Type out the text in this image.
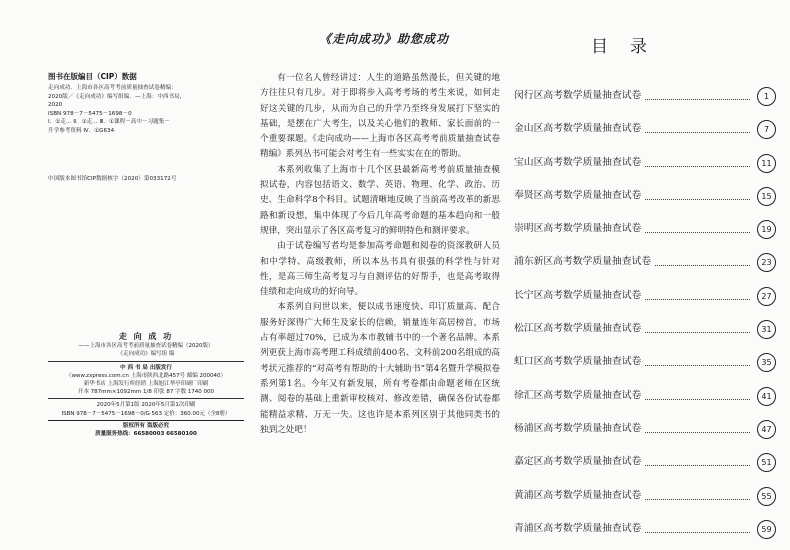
图书在版编目（CIP）数据
走向成功．上海市各区高考考前质量抽查试卷精编：
2020版／《走向成功》编写组编．—上海：中西书局，
2020
ISBN 978－7－5475－1698－0
Ⅰ．①走… Ⅱ．①走… Ⅲ．①课程－高中－习题集－
升学参考资料 Ⅳ．①G634
中国版本图书馆CIP数据核字（2020）第033172号
走 向 成 功
——上海市各区高考考前质量抽查试卷精编（2020版）
《走向成功》编写组 编
中 西 书 局 出版发行
（www.zxpress.com.cn 上海市陕西北路457号 邮编 200040）
新华书店 上海发行所经销 上海旭江华亭印刷厂印刷
开本 787mm×1092mm 1/8 印张 87 字数 1740 000
2020年5月第1版 2020年5月第1次印刷
ISBN 978－7－5475－1698－0/G·563 定价：360.00元（全8册）
版权所有 盗版必究
质量服务热线：66580003 66580100
《走向成功》助您成功

有一位名人曾经讲过：人生的道路虽然漫长，但关键的地方往往只有几步。对于即将步入高考考场的考生来说，如何走好这关键的几步，从而为自己的升学乃至终身发展打下坚实的基础，是摆在广大考生，以及关心他们的教师、家长面前的一个重要课题。《走向成功——上海市各区高考考前质量抽查试卷精编》系列丛书可能会对考生有一些实实在在的帮助。

本系列收集了上海市十几个区县最新高考考前质量抽查模拟试卷，内容包括语文、数学、英语、物理、化学、政治、历史、生命科学8个科目。试题清晰地反映了当前高考改革的新思路和新设想，集中体现了今后几年高考命题的基本趋向和一般规律，突出显示了各区高考复习的鲜明特色和测评要求。

由于试卷编写者均是参加高考命题和阅卷的资深教研人员和中学特、高级教师，所以本丛书具有很强的科学性与针对性，是高三师生高考复习与自测评估的好帮手，也是高考取得佳绩和走向成功的好向导。

本系列自问世以来，便以成书速度快、印订质量高、配合服务好深得广大师生及家长的信赖，销量连年高居榜首，市场占有率超过70%，已成为本市教辅书中的一个著名品牌。本系列更获上海市高考理工科成绩前400名、文科前200名组成的高考状元推荐的“对高考有帮助的十大辅助书”第4名暨升学模拟卷系列第1名。今年又有新发展，所有考卷都由命题老师在区统测、阅卷的基础上重新审校核对、修改差错，确保各份试卷都能精益求精、万无一失。这也许是本系列区别于其他同类书的独到之处吧！

目录
闵行区高考数学质量抽查试卷	1
金山区高考数学质量抽查试卷	7
宝山区高考数学质量抽查试卷	11
奉贤区高考数学质量抽查试卷	15
崇明区高考数学质量抽查试卷	19
浦东新区高考数学质量抽查试卷	23
长宁区高考数学质量抽查试卷	27
松江区高考数学质量抽查试卷	31
虹口区高考数学质量抽查试卷	35
徐汇区高考数学质量抽查试卷	41
杨浦区高考数学质量抽查试卷	47
嘉定区高考数学质量抽查试卷	51
黄浦区高考数学质量抽查试卷	55
青浦区高考数学质量抽查试卷	59
